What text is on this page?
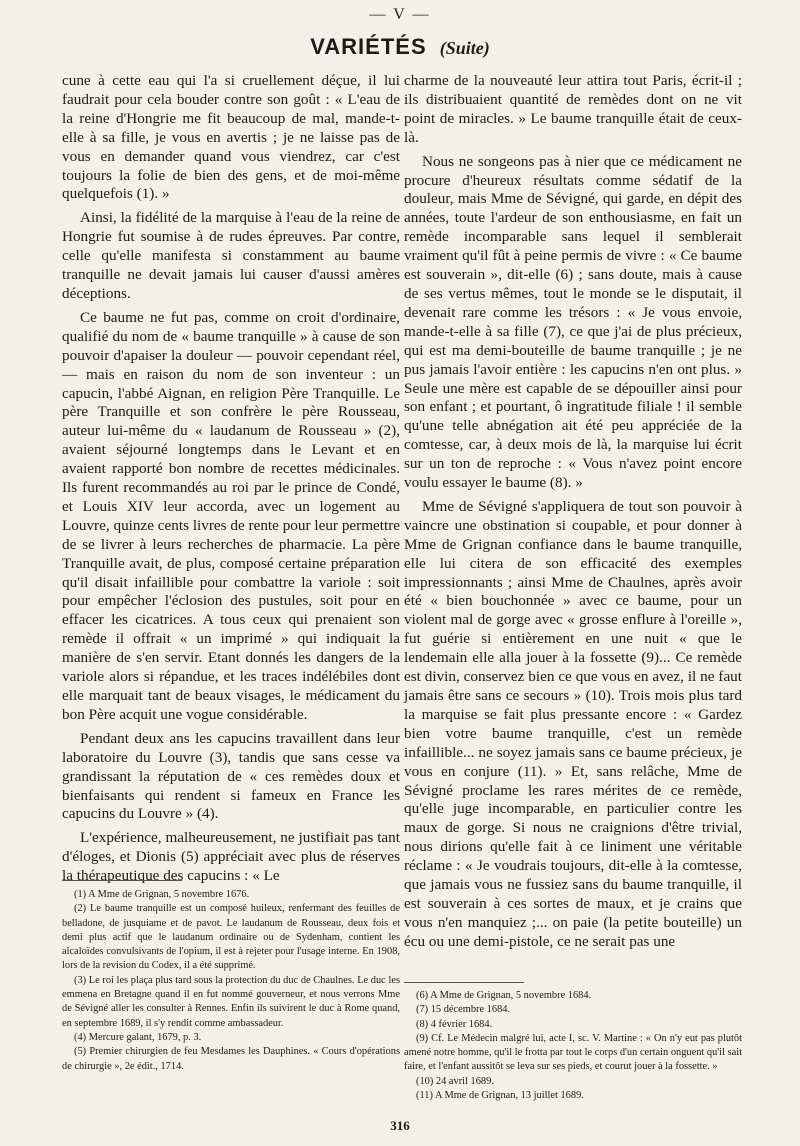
— V —
VARIÉTÉS (Suite)

cune à cette eau qui l'a si cruellement déçue, il lui faudrait pour cela bouder contre son goût : « L'eau de la reine d'Hongrie me fit beaucoup de mal, mande-t-elle à sa fille, je vous en avertis ; je ne laisse pas de vous en demander quand vous viendrez, car c'est toujours la folie de bien des gens, et de moi-même quelquefois (1). »

Ainsi, la fidélité de la marquise à l'eau de la reine de Hongrie fut soumise à de rudes épreuves. Par contre, celle qu'elle manifesta si constamment au baume tranquille ne devait jamais lui causer d'aussi amères déceptions.

Ce baume ne fut pas, comme on croit d'ordinaire, qualifié du nom de « baume tranquille » à cause de son pouvoir d'apaiser la douleur — pouvoir cependant réel, — mais en raison du nom de son inventeur : un capucin, l'abbé Aignan, en religion Père Tranquille. Le père Tranquille et son confrère le père Rousseau, auteur lui-même du « laudanum de Rousseau » (2), avaient séjourné longtemps dans le Levant et en avaient rapporté bon nombre de recettes médicinales. Ils furent recommandés au roi par le prince de Condé, et Louis XIV leur accorda, avec un logement au Louvre, quinze cents livres de rente pour leur permettre de se livrer à leurs recherches de pharmacie. La père Tranquille avait, de plus, composé certaine préparation qu'il disait infaillible pour combattre la variole : soit pour empêcher l'éclosion des pustules, soit pour en effacer les cicatrices. A tous ceux qui prenaient son remède il offrait « un imprimé » qui indiquait la manière de s'en servir. Etant donnés les dangers de la variole alors si répandue, et les traces indélébiles dont elle marquait tant de beaux visages, le médicament du bon Père acquit une vogue considérable.

Pendant deux ans les capucins travaillent dans leur laboratoire du Louvre (3), tandis que sans cesse va grandissant la réputation de « ces remèdes doux et bienfaisants qui rendent si fameux en France les capucins du Louvre » (4).

L'expérience, malheureusement, ne justifiait pas tant d'éloges, et Dionis (5) appréciait avec plus de réserves la thérapeutique des capucins : « Le

charme de la nouveauté leur attira tout Paris, écrit-il ; ils distribuaient quantité de remèdes dont on ne vit point de miracles. » Le baume tranquille était de ceux-là.

Nous ne songeons pas à nier que ce médicament ne procure d'heureux résultats comme sédatif de la douleur, mais Mme de Sévigné, qui garde, en dépit des années, toute l'ardeur de son enthousiasme, en fait un remède incomparable sans lequel il semblerait vraiment qu'il fût à peine permis de vivre : « Ce baume est souverain », dit-elle (6) ; sans doute, mais à cause de ses vertus mêmes, tout le monde se le disputait, il devenait rare comme les trésors : « Je vous envoie, mande-t-elle à sa fille (7), ce que j'ai de plus précieux, qui est ma demi-bouteille de baume tranquille ; je ne pus jamais l'avoir entière : les capucins n'en ont plus. » Seule une mère est capable de se dépouiller ainsi pour son enfant ; et pourtant, ô ingratitude filiale ! il semble qu'une telle abnégation ait été peu appréciée de la comtesse, car, à deux mois de là, la marquise lui écrit sur un ton de reproche : « Vous n'avez point encore voulu essayer le baume (8). »

Mme de Sévigné s'appliquera de tout son pouvoir à vaincre une obstination si coupable, et pour donner à Mme de Grignan confiance dans le baume tranquille, elle lui citera de son efficacité des exemples impressionnants ; ainsi Mme de Chaulnes, après avoir été « bien bouchonnée » avec ce baume, pour un violent mal de gorge avec « grosse enflure à l'oreille », fut guérie si entièrement en une nuit « que le lendemain elle alla jouer à la fossette (9)... Ce remède est divin, conservez bien ce que vous en avez, il ne faut jamais être sans ce secours » (10). Trois mois plus tard la marquise se fait plus pressante encore : « Gardez bien votre baume tranquille, c'est un remède infaillible... ne soyez jamais sans ce baume précieux, je vous en conjure (11). » Et, sans relâche, Mme de Sévigné proclame les rares mérites de ce remède, qu'elle juge incomparable, en particulier contre les maux de gorge. Si nous ne craignions d'être trivial, nous dirions qu'elle fait à ce liniment une véritable réclame : « Je voudrais toujours, dit-elle à la comtesse, que jamais vous ne fussiez sans du baume tranquille, il est souverain à ces sortes de maux, et je crains que vous n'en manquiez ;... on paie (la petite bouteille) un écu ou une demi-pistole, ce ne serait pas une

(1) A Mme de Grignan, 5 novembre 1676.

(2) Le baume tranquille est un composé huileux, renfermant des feuilles de belladone, de jusquiame et de pavot. Le laudanum de Rousseau, deux fois et demi plus actif que le laudanum ordinaire ou de Sydenham, contient les alcaloïdes convulsivants de l'opium, il est à rejeter pour l'usage interne. En 1908, lors de la revision du Codex, il a été supprimé.

(3) Le roi les plaça plus tard sous la protection du duc de Chaulnes. Le duc les emmena en Bretagne quand il en fut nommé gouverneur, et nous verrons Mme de Sévigné aller les consulter à Rennes. Enfin ils suivirent le duc à Rome quand, en septembre 1689, il s'y rendit comme ambassadeur.

(4) Mercure galant, 1679, p. 3.

(5) Premier chirurgien de feu Mesdames les Dauphines. « Cours d'opérations de chirurgie », 2e édit., 1714.

(6) A Mme de Grignan, 5 novembre 1684.

(7) 15 décembre 1684.

(8) 4 février 1684.

(9) Cf. Le Médecin malgré lui, acte I, sc. V. Martine : « On n'y eut pas plutôt amené notre homme, qu'il le frotta par tout le corps d'un certain onguent qu'il sait faire, et l'enfant aussitôt se leva sur ses pieds, et courut jouer à la fossette. »

(10) 24 avril 1689.

(11) A Mme de Grignan, 13 juillet 1689.

316
